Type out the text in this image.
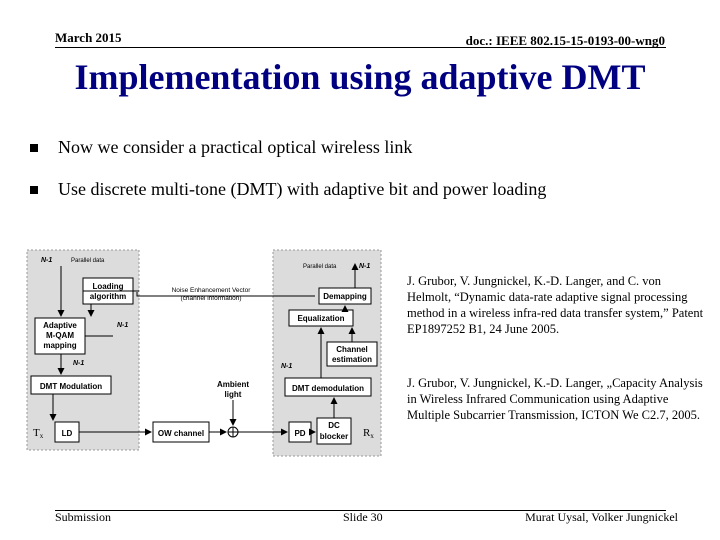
March 2015	doc.: IEEE 802.15-15-0193-00-wng0
Implementation using adaptive DMT
Now we consider a practical optical wireless link
Use discrete multi-tone (DMT) with adaptive bit and power loading
N-1	Parallel data
Loading algorithm
Adaptive M-QAM mapping
N-1
N-1
DMT Modulation
Tx LD	OW channel
Ambient light
Noise Enhancement Vector (channel information)
Parallel data	N-1
Demapping
Equalization
Channel estimation
N-1
DMT demodulation
PD
DC blocker Rx
J. Grubor, V. Jungnickel, K.-D. Langer, and C. von Helmolt, “Dynamic data-rate adaptive signal processing method in a wireless infra-red data transfer system,” Patent EP1897252 B1, 24 June 2005.
J. Grubor, V. Jungnickel, K.-D. Langer, „Capacity Analysis in Wireless Infrared Communication using Adaptive Multiple Subcarrier Transmission, ICTON We C2.7, 2005.
Submission	Slide 30	Murat Uysal, Volker Jungnickel
